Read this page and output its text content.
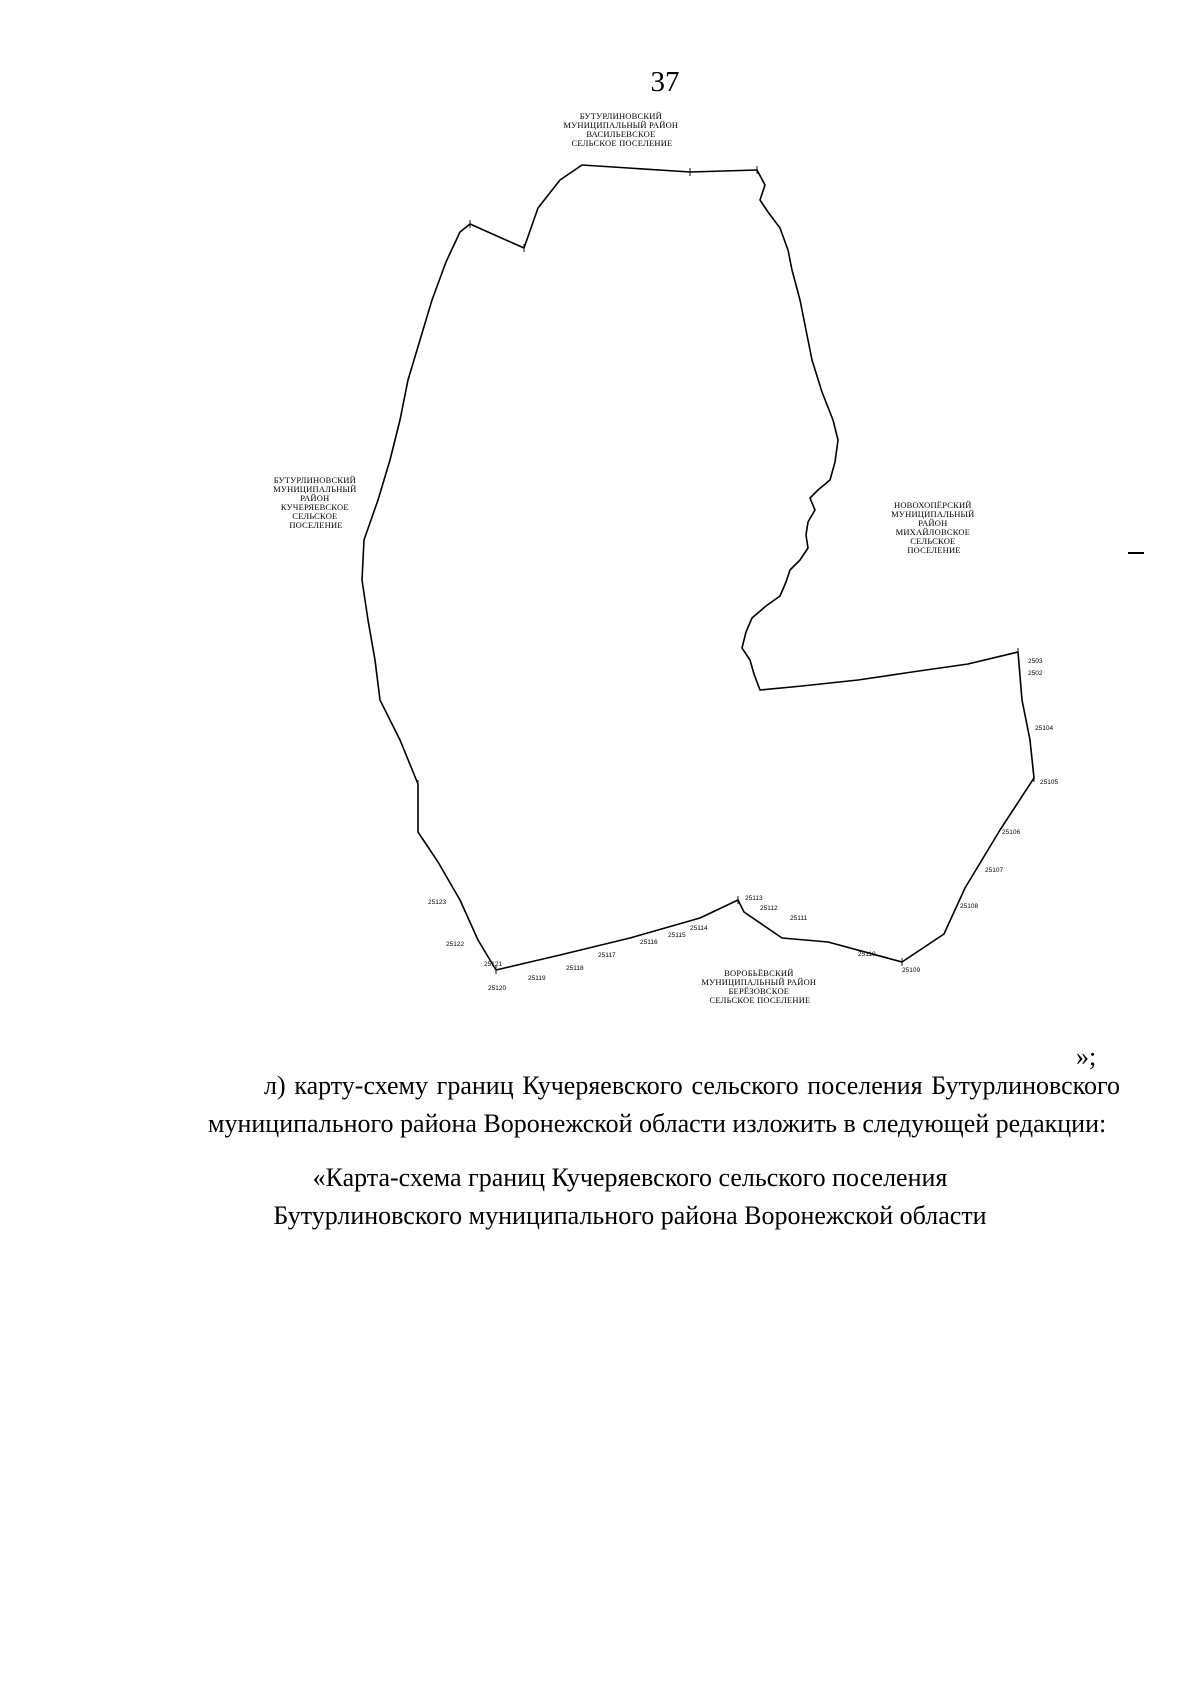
37
2503
2502
25104
25105
25106
25107
25108
25109
25110
25111
25112
25113
25114
25115
25116
25117
25118
25119
25120
25121
25122
25123
БУТУРЛИНОВСКИЙ МУНИЦИПАЛЬНЫЙ РАЙОН ВАСИЛЬЕВСКОЕ СЕЛЬСКОЕ ПОСЕЛЕНИЕ
БУТУРЛИНОВСКИЙ МУНИЦИПАЛЬНЫЙ РАЙОН КУЧЕРЯЕВСКОЕ СЕЛЬСКОЕ ПОСЕЛЕНИЕ
НОВОХОПЁРСКИЙ МУНИЦИПАЛЬНЫЙ РАЙОН МИХАЙЛОВСКОЕ СЕЛЬСКОЕ ПОСЕЛЕНИЕ
ВОРОБЬЁВСКИЙ МУНИЦИПАЛЬНЫЙ РАЙОН БЕРЁЗОВСКОЕ СЕЛЬСКОЕ ПОСЕЛЕНИЕ
»;
л) карту-схему границ Кучеряевского сельского поселения Бутурлиновского муниципального района Воронежской области изложить в следующей редакции:
«Карта-схема границ Кучеряевского сельского поселения
Бутурлиновского муниципального района Воронежской области
